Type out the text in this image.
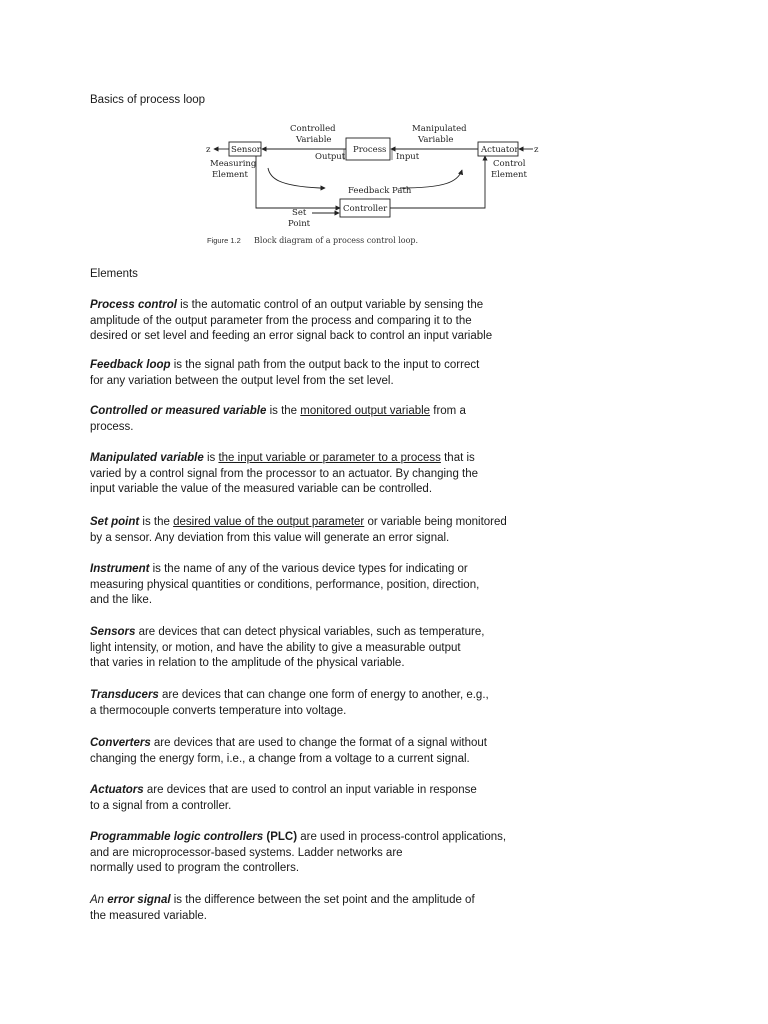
Basics of process loop
Sensor	Process	Actuator
Controller
z	z
Controlled
Variable
Manipulated
Variable
Output	Input
Measuring
Element
Control
Element
Feedback Path
Set
Point
Figure 1.2 Block diagram of a process control loop.
Elements
Process control is the automatic control of an output variable by sensing the
amplitude of the output parameter from the process and comparing it to the
desired or set level and feeding an error signal back to control an input variable
Feedback loop is the signal path from the output back to the input to correct
for any variation between the output level from the set level.
Controlled or measured variable is the monitored output variable from a
process.
Manipulated variable is the input variable or parameter to a process that is
varied by a control signal from the processor to an actuator. By changing the
input variable the value of the measured variable can be controlled.
Set point is the desired value of the output parameter or variable being monitored
by a sensor. Any deviation from this value will generate an error signal.
Instrument is the name of any of the various device types for indicating or
measuring physical quantities or conditions, performance, position, direction,
and the like.
Sensors are devices that can detect physical variables, such as temperature,
light intensity, or motion, and have the ability to give a measurable output
that varies in relation to the amplitude of the physical variable.
Transducers are devices that can change one form of energy to another, e.g.,
a thermocouple converts temperature into voltage.
Converters are devices that are used to change the format of a signal without
changing the energy form, i.e., a change from a voltage to a current signal.
Actuators are devices that are used to control an input variable in response
to a signal from a controller.
Programmable logic controllers (PLC) are used in process-control applications,
and are microprocessor-based systems. Ladder networks are
normally used to program the controllers.
An error signal is the difference between the set point and the amplitude of
the measured variable.
